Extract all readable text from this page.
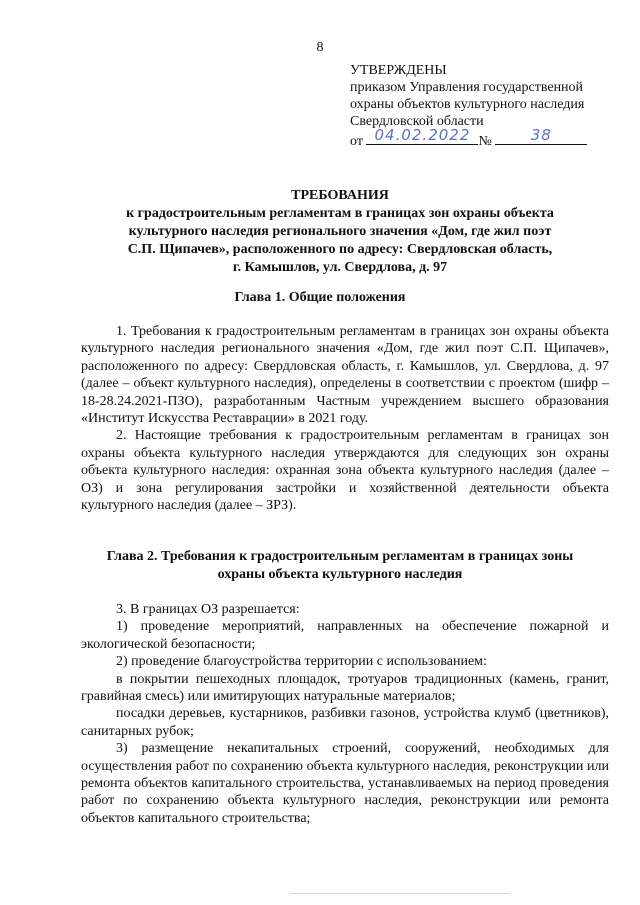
8
УТВЕРЖДЕНЫ
приказом Управления государственной
охраны объектов культурного наследия
Свердловской области
от 04.02.2022 №	38
ТРЕБОВАНИЯ
к градостроительным регламентам в границах зон охраны объекта
культурного наследия регионального значения «Дом, где жил поэт
С.П. Щипачев», расположенного по адресу: Свердловская область,
г. Камышлов, ул. Свердлова, д. 97
Глава 1. Общие положения

1. Требования к градостроительным регламентам в границах зон охраны объекта культурного наследия регионального значения «Дом, где жил поэт С.П. Щипачев», расположенного по адресу: Свердловская область, г. Камышлов, ул. Свердлова, д. 97 (далее – объект культурного наследия), определены в соответствии с проектом (шифр – 18-28.24.2021-ПЗО), разработанным Частным учреждением высшего образования «Институт Искусства Реставрации» в 2021 году.

2. Настоящие требования к градостроительным регламентам в границах зон охраны объекта культурного наследия утверждаются для следующих зон охраны объекта культурного наследия: охранная зона объекта культурного наследия (далее – ОЗ) и зона регулирования застройки и хозяйственной деятельности объекта культурного наследия (далее – ЗРЗ).

Глава 2. Требования к градостроительным регламентам в границах зоны
охраны объекта культурного наследия

3. В границах ОЗ разрешается:

1) проведение мероприятий, направленных на обеспечение пожарной и экологической безопасности;

2) проведение благоустройства территории с использованием:

в покрытии пешеходных площадок, тротуаров традиционных (камень, гранит, гравийная смесь) или имитирующих натуральные материалов;

посадки деревьев, кустарников, разбивки газонов, устройства клумб (цветников), санитарных рубок;

3) размещение некапитальных строений, сооружений, необходимых для осуществления работ по сохранению объекта культурного наследия, реконструкции или ремонта объектов капитального строительства, устанавливаемых на период проведения работ по сохранению объекта культурного наследия, реконструкции или ремонта объектов капитального строительства;
